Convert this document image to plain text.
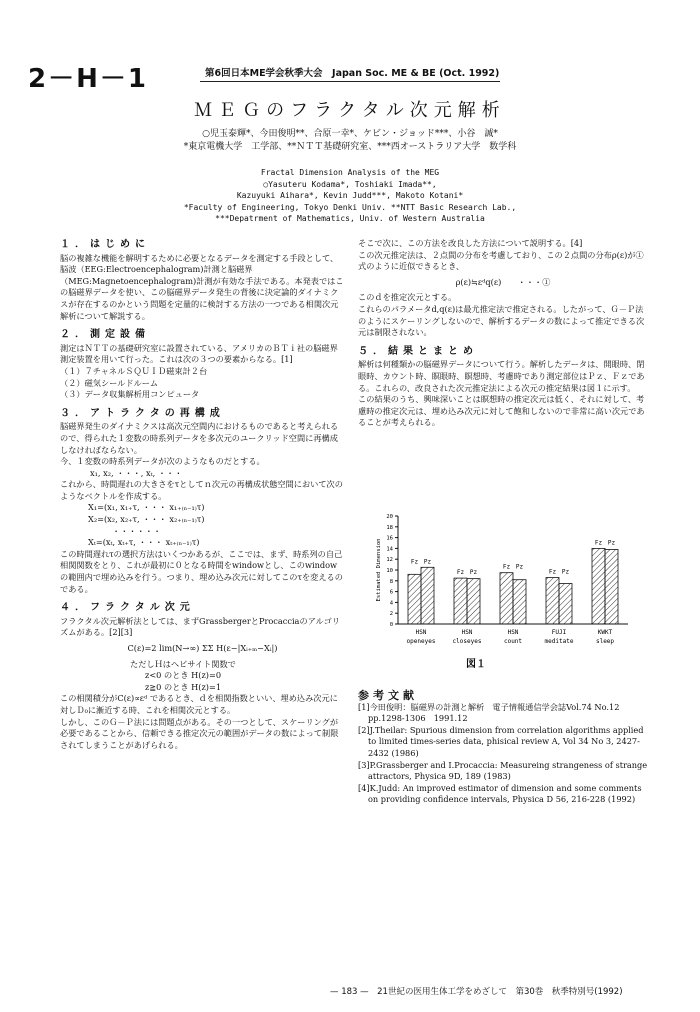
2－H－1	第6回日本ME学会秋季大会　Japan Soc. ME & BE (Oct. 1992)
ＭＥＧのフラクタル次元解析
○児玉泰輝*、今田俊明**、合原一幸*、ケビン・ジョッド***、小谷　誠*
*東京電機大学　工学部、**ＮＴＴ基礎研究室、***西オーストラリア大学　数学科
Fractal Dimension Analysis of the MEG
○Yasuteru Kodama*, Toshiaki Imada**,
Kazuyuki Aihara*, Kevin Judd***, Makoto Kotani*
*Faculty of Engineering, Tokyo Denki Univ. **NTT Basic Research Lab.,
***Depatrment of Mathematics, Univ. of Western Australia

１．はじめに

脳の複雑な機能を解明するために必要となるデータを測定する手段として、脳波（EEG:Electroencephalogram)計測と脳磁界（MEG:Magnetoencephalogram)計測が有効な手法である。本発表ではこの脳磁界データを使い、この脳磁界データ発生の背後に決定論的ダイナミクスが存在するのかという問題を定量的に検討する方法の一つである相関次元解析について解説する。

２．測定設備

測定はＮＴＴの基礎研究室に設置されている、アメリカのＢＴｉ社の脳磁界測定装置を用いて行った。これは次の３つの要素からなる。[1]

（１）７チャネルＳＱＵＩＤ磁束計２台

（２）磁気シールドルーム

（３）データ収集解析用コンピュータ

３．アトラクタの再構成

脳磁界発生のダイナミクスは高次元空間内におけるものであると考えられるので、得られた１変数の時系列データを多次元のユークリッド空間に再構成しなければならない。

今、１変数の時系列データが次のようなものだとする。

x₁, x₂, ・・・, xₜ, ・・・

これから、時間遅れの大きさをτとしてｎ次元の再構成状態空間において次のようなベクトルを作成する。

X₁=(x₁, x₁₊τ, ・・・ x₁₊₍ₙ₋₁₎τ)

X₂=(x₂, x₂₊τ, ・・・ x₂₊₍ₙ₋₁₎τ)

・・・・・・

Xₜ=(xₜ, xₜ₊τ, ・・・ xₜ₊₍ₙ₋₁₎τ)

この時間遅れτの選択方法はいくつかあるが、ここでは、まず、時系列の自己相関関数をとり、これが最初に０となる時間をwindowとし、このwindowの範囲内で埋め込みを行う。つまり、埋め込み次元に対してこのτを変えるのである。

４．フラクタル次元

フラクタル次元解析法としては、まずGrassbergerとProcacciaのアルゴリズムがある。[2][3]

C(ε)=2 lim(N→∞) ΣΣ H(ε−|Xᵢ₊ₘ−Xᵢ|)

ただしＨはヘビサイト関数で

z<0 のとき H(z)=0

z≧0 のとき H(z)=1

この相関積分がC(ε)∝εᵈ であるとき、ｄを相関指数といい、埋め込み次元に対しＤ₀に漸近する時、これを相関次元とする。

しかし、このＧ－Ｐ法には問題点がある。その一つとして、スケーリングが必要であることから、信頼できる推定次元の範囲がデータの数によって制限されてしまうことがあげられる。

そこで次に、この方法を改良した方法について説明する。[4]

この次元推定法は、２点間の分布を考慮しており、この２点間の分布ρ(ε)が①式のように近似できるとき、

ρ(ε)≒εᵈq(ε)　　・・・①

このｄを推定次元とする。

これらのパラメータd,q(ε)は最尤推定法で推定される。したがって、Ｇ－Ｐ法のようにスケーリングしないので、解析するデータの数によって推定できる次元は制限されない。

５．結果とまとめ

解析は何種類かの脳磁界データについて行う。解析したデータは、開眼時、閉眼時、カウント時、瞑眼時、瞑想時、考慮時であり測定部位はＰｚ、Ｆｚである。これらの、改良された次元推定法による次元の推定結果は図１に示す。

この結果のうち、興味深いことは瞑想時の推定次元は低く、それに対して、考慮時の推定次元は、埋め込み次元に対して飽和しないので非常に高い次元であることが考えられる。

0
2
4
6
8
10
12
14
16
18
20
Estimated Dimension	Fz Pz
HSN
openeyes
Fz Pz
HSN
closeyes
Fz Pz
HSN
count
Fz Pz
FUJI
meditate
Fz Pz
KWKT
sleep
図１

参考文献

[1]今田俊明：脳磁界の計測と解析　電子情報通信学会誌Vol.74 No.12 pp.1298-1306　1991.12

[2]J.Theilar: Spurious dimension from correlation algorithms applied to limited times-series data, phisical review A, Vol 34 No 3, 2427-2432 (1986)

[3]P.Grassberger and I.Procaccia: Measureing strangeness of strange attractors, Physica 9D, 189 (1983)

[4]K.Judd: An improved estimator of dimension and some comments on providing confidence intervals, Physica D 56, 216-228 (1992)

— 183 —　21世紀の医用生体工学をめざして　第30巻　秋季特別号(1992)
